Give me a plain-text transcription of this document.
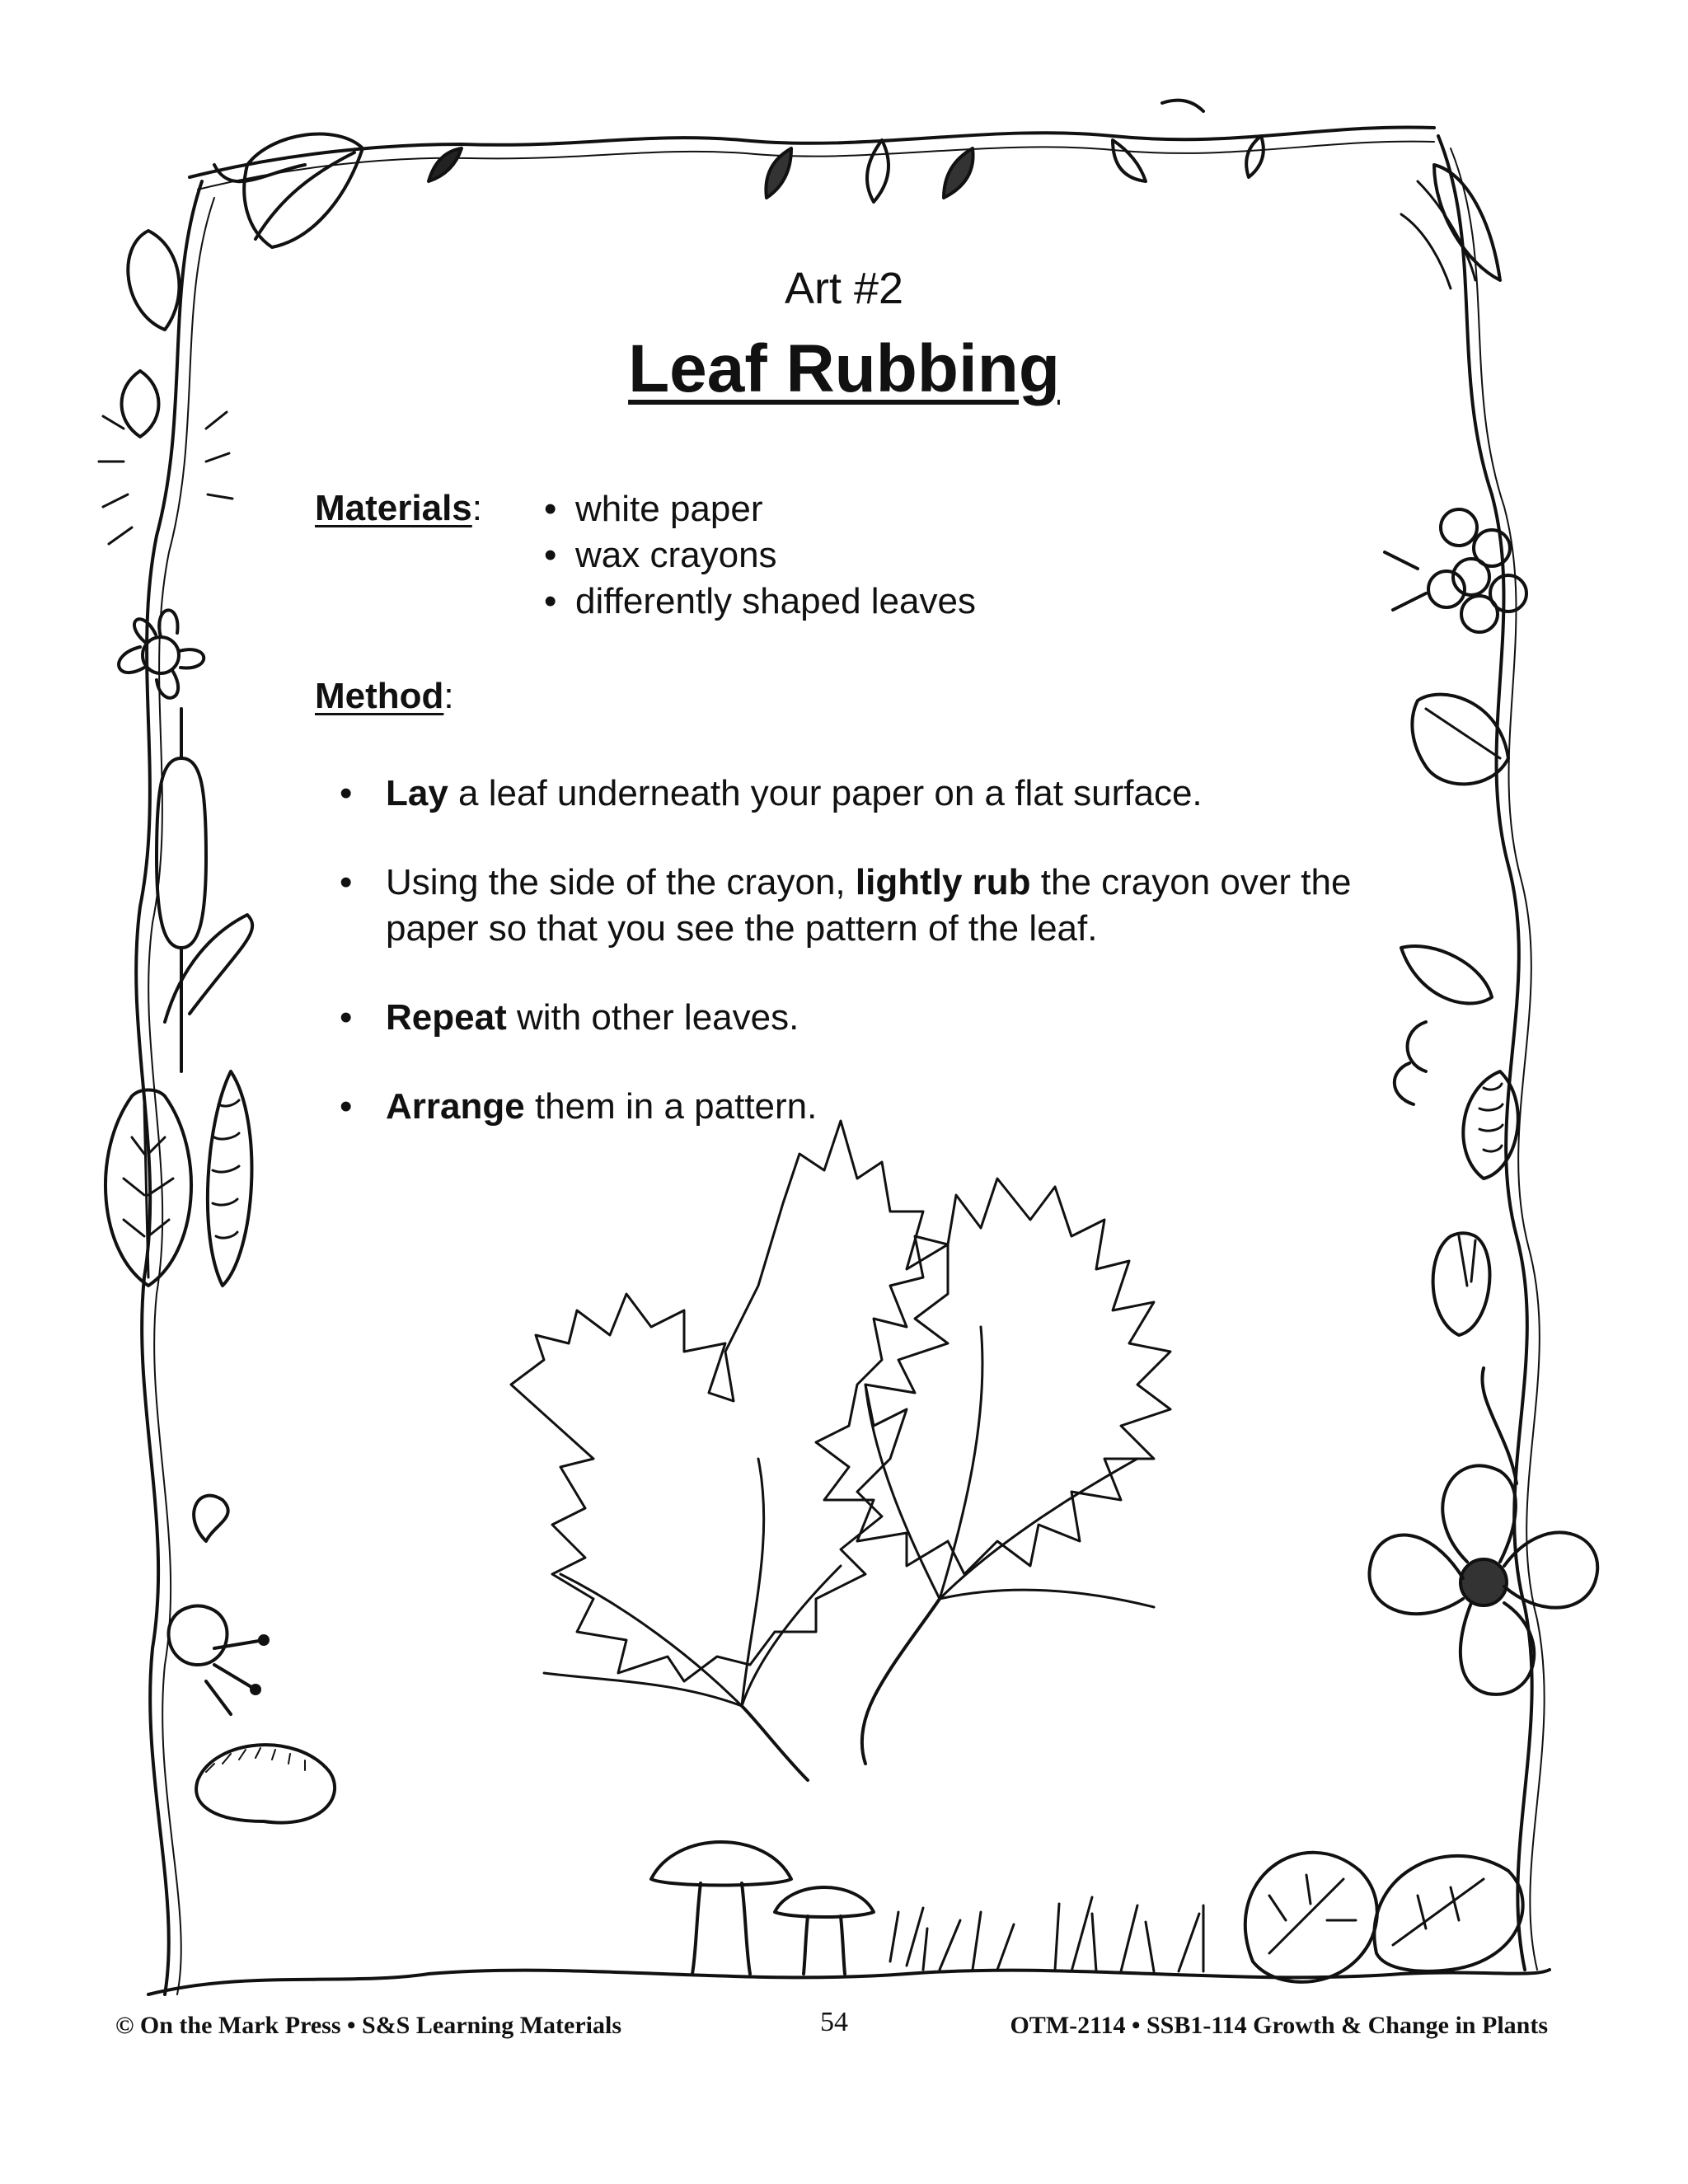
Art #2
Leaf Rubbing
Materials: • white paper
• wax crayons
• differently shaped leaves
Method:
• Lay a leaf underneath your paper on a flat surface.
• Using the side of the crayon, lightly rub the crayon over the paper so that you see the pattern of the leaf.
• Repeat with other leaves.
• Arrange them in a pattern.
© On the Mark Press • S&S Learning Materials	54	OTM-2114 • SSB1-114 Growth & Change in Plants
